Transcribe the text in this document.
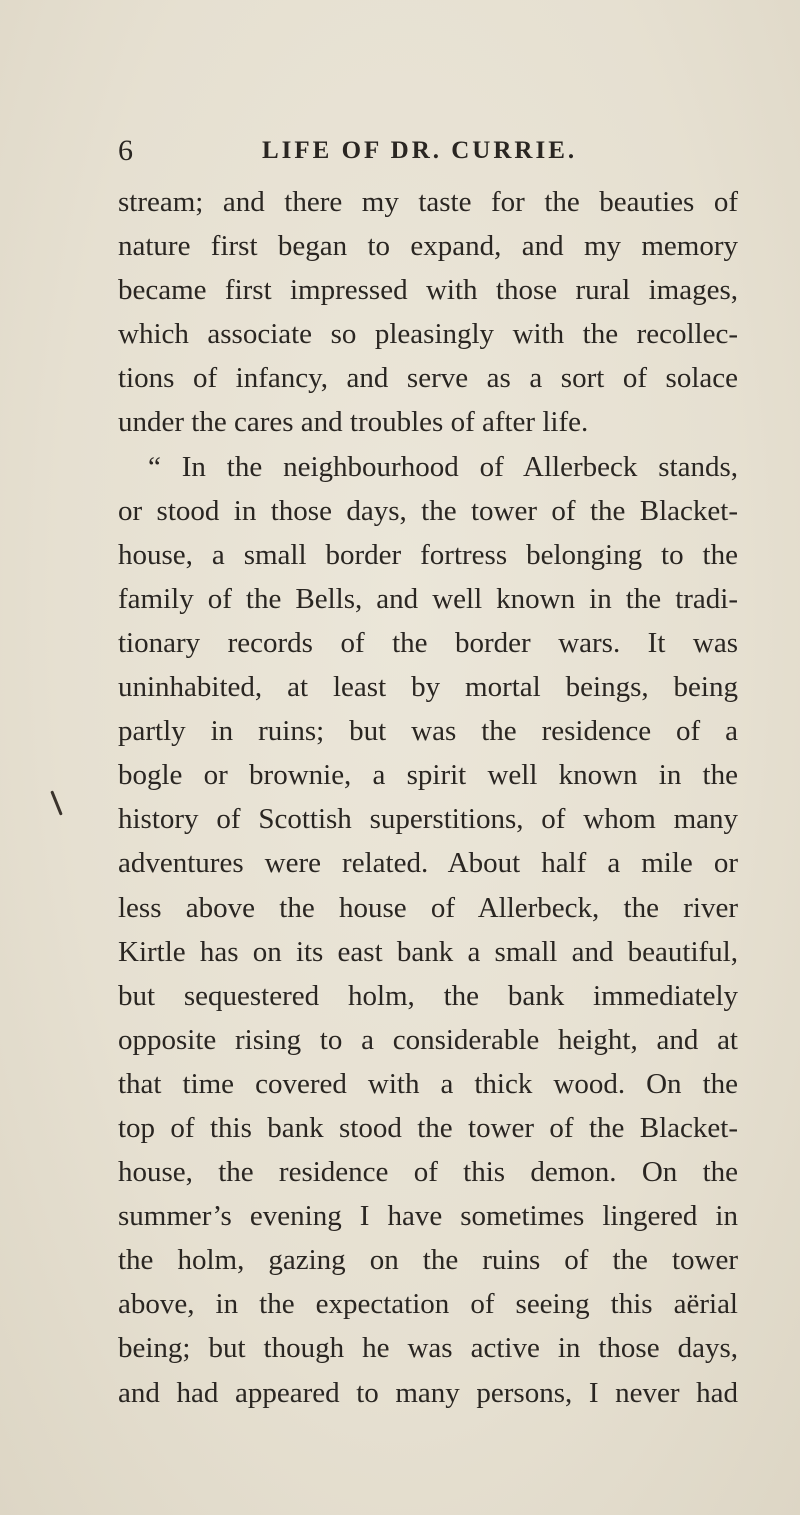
6	LIFE OF DR. CURRIE.
stream; and there my taste for the beauties of
nature first began to expand, and my memory
became first impressed with those rural images,
which associate so pleasingly with the recollec-
tions of infancy, and serve as a sort of solace
under the cares and troubles of after life.
“ In the neighbourhood of Allerbeck stands,
or stood in those days, the tower of the Blacket-
house, a small border fortress belonging to the
family of the Bells, and well known in the tradi-
tionary records of the border wars. It was
uninhabited, at least by mortal beings, being
partly in ruins; but was the residence of a
bogle or brownie, a spirit well known in the
history of Scottish superstitions, of whom many
adventures were related. About half a mile or
less above the house of Allerbeck, the river
Kirtle has on its east bank a small and beautiful,
but sequestered holm, the bank immediately
opposite rising to a considerable height, and at
that time covered with a thick wood. On the
top of this bank stood the tower of the Blacket-
house, the residence of this demon. On the
summer’s evening I have sometimes lingered in
the holm, gazing on the ruins of the tower
above, in the expectation of seeing this aërial
being; but though he was active in those days,
and had appeared to many persons, I never had
